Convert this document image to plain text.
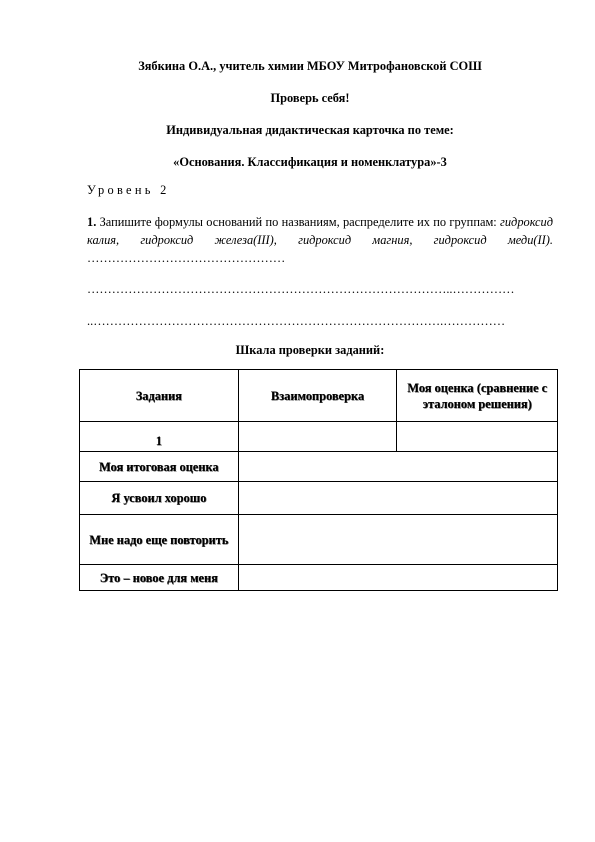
Зябкина О.А., учитель химии МБОУ Митрофановской СОШ
Проверь себя!
Индивидуальная дидактическая карточка по теме:
«Основания. Классификация и номенклатура»-3
Уровень 2
1. Запишите формулы оснований по названиям, распределите их по группам: гидроксид калия, гидроксид железа(III), гидроксид магния, гидроксид меди(II). …………………………………………
……………………………………………………………………………..……………
..………………………………………………………………………….……………
Шкала проверки заданий:
Задания	Взаимопроверка	Моя оценка (сравнение с эталоном решения)
1		
Моя итоговая оценка		
Я усвоил хорошо		
Мне надо еще повторить		
Это – новое для меня		
